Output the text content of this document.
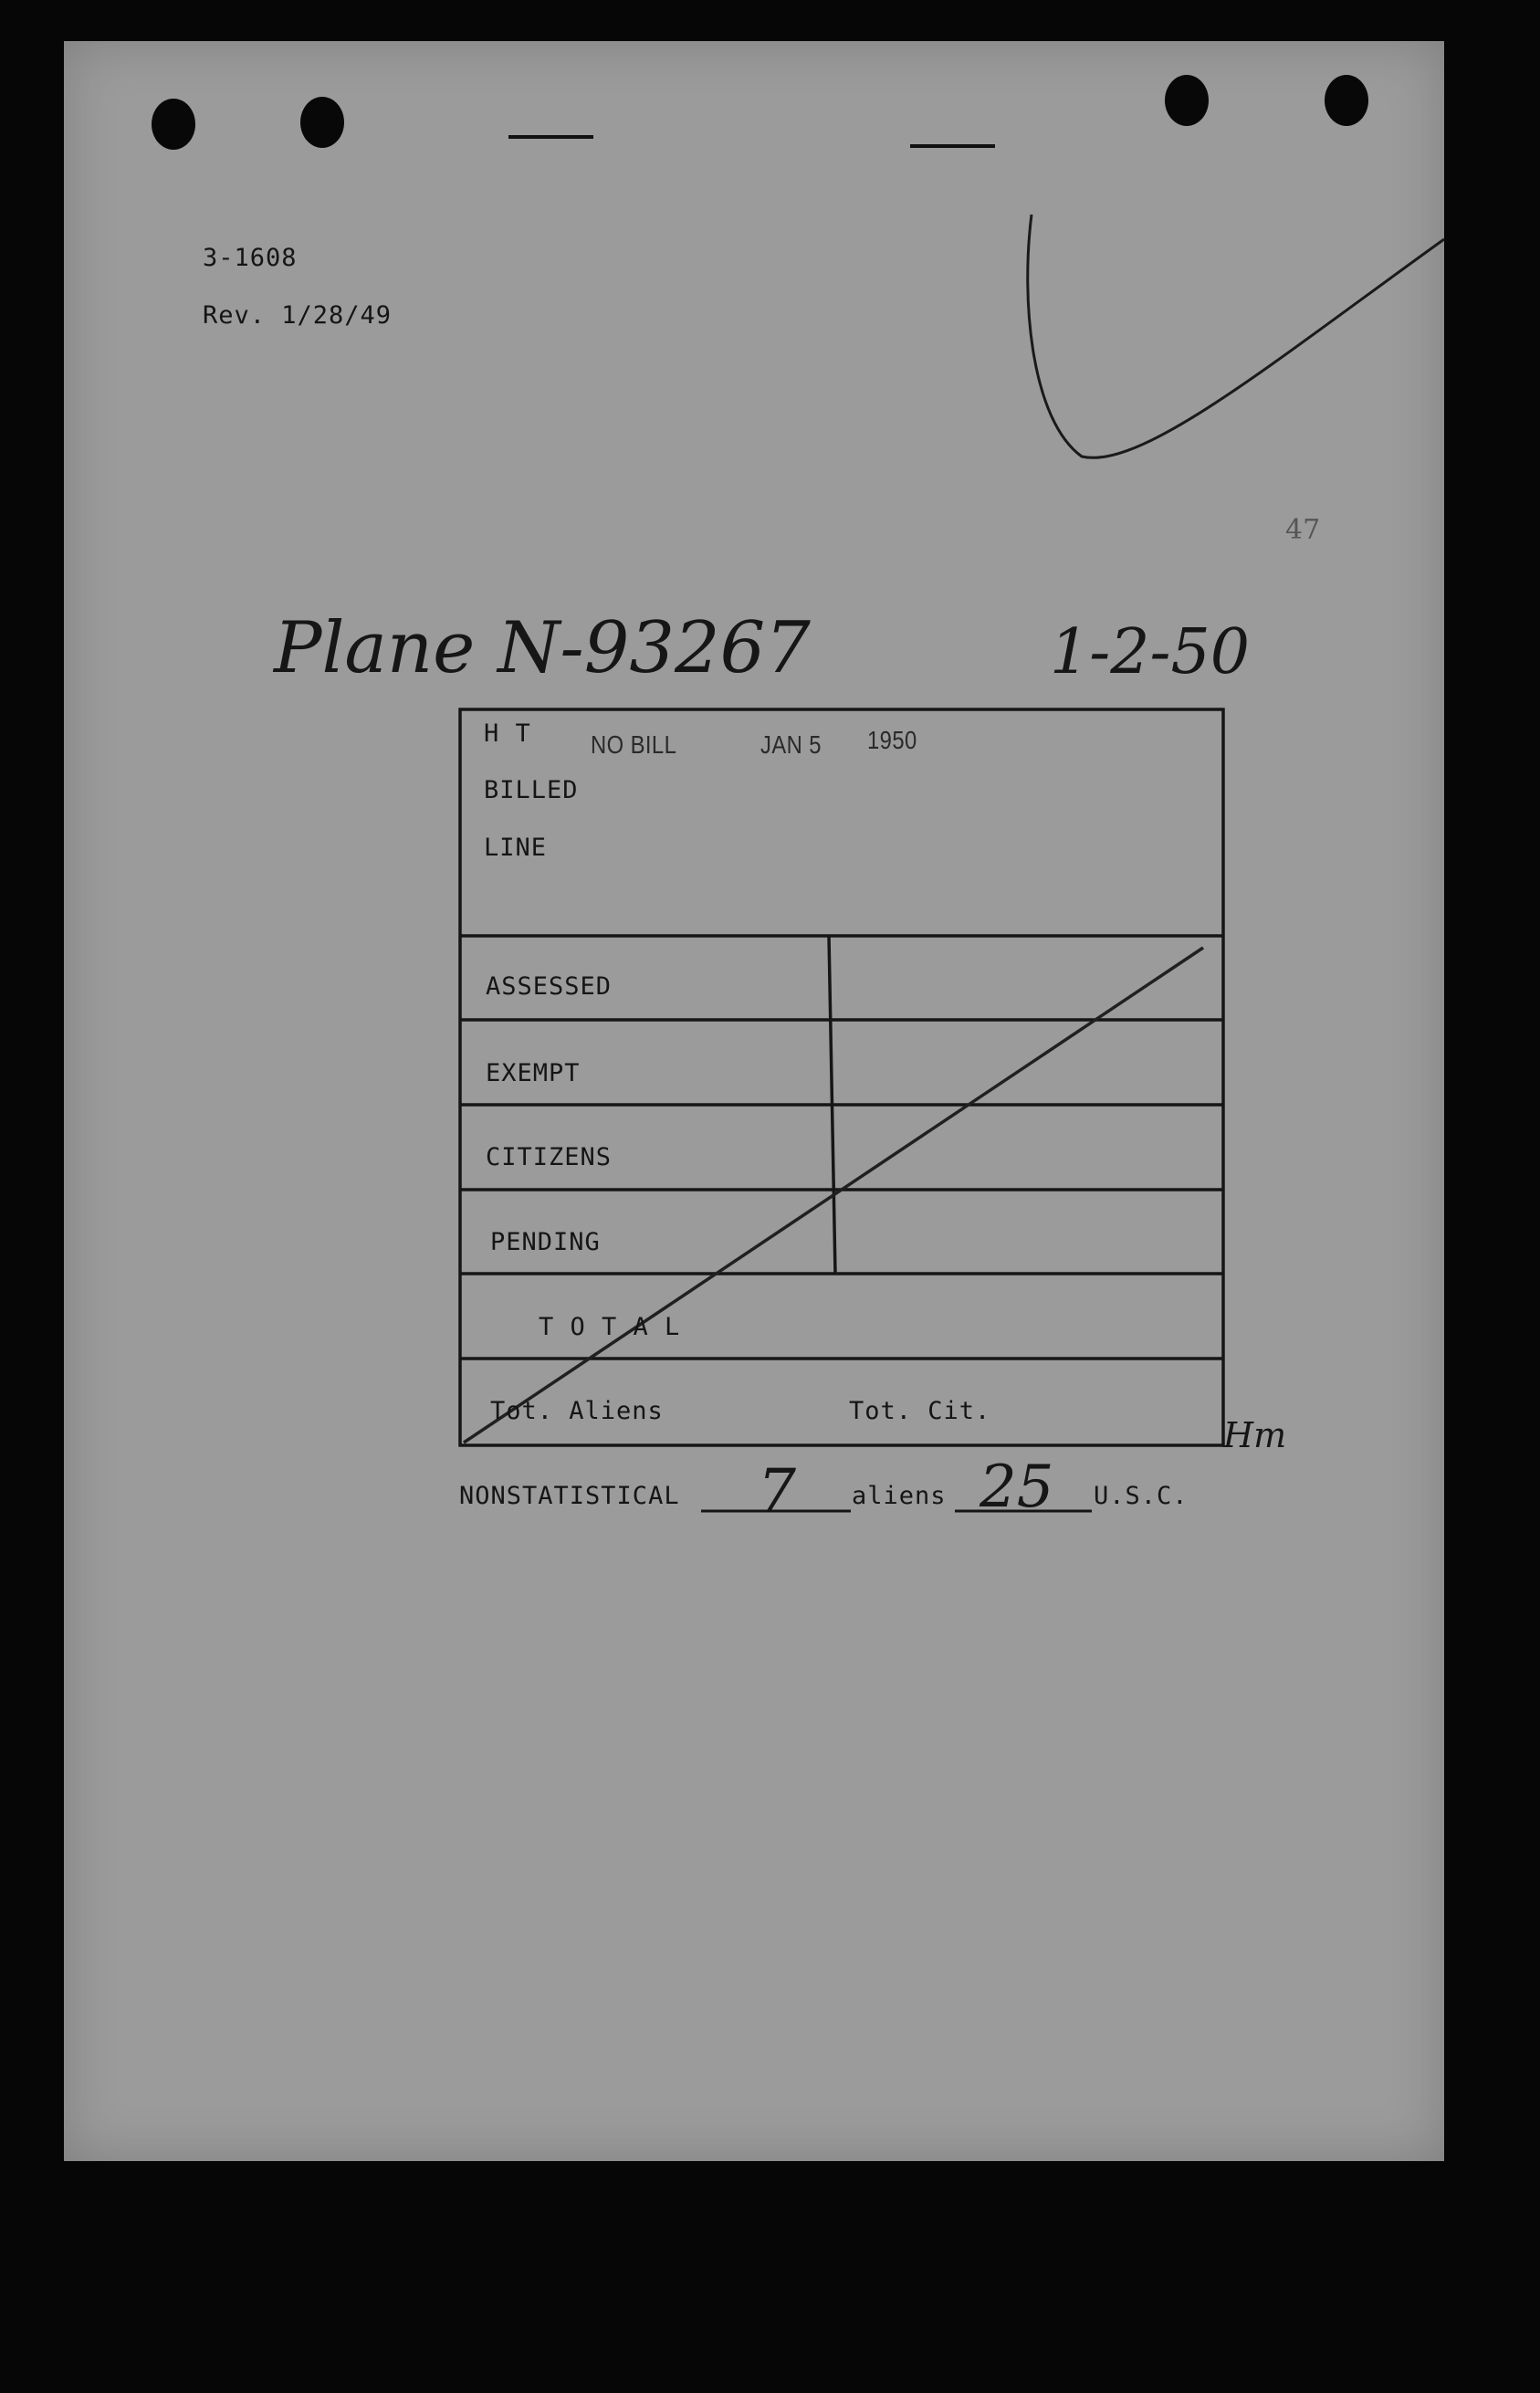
3-1608
Rev. 1/28/49
47
Plane N-93267	1-2-50
NO BILL	JAN 5 1950
H T
BILLED
LINE
ASSESSED
EXEMPT
CITIZENS
PENDING
T O T A L
Tot. Aliens	Tot. Cit.
Hm
NONSTATISTICAL 7 aliens 25 U.S.C.
